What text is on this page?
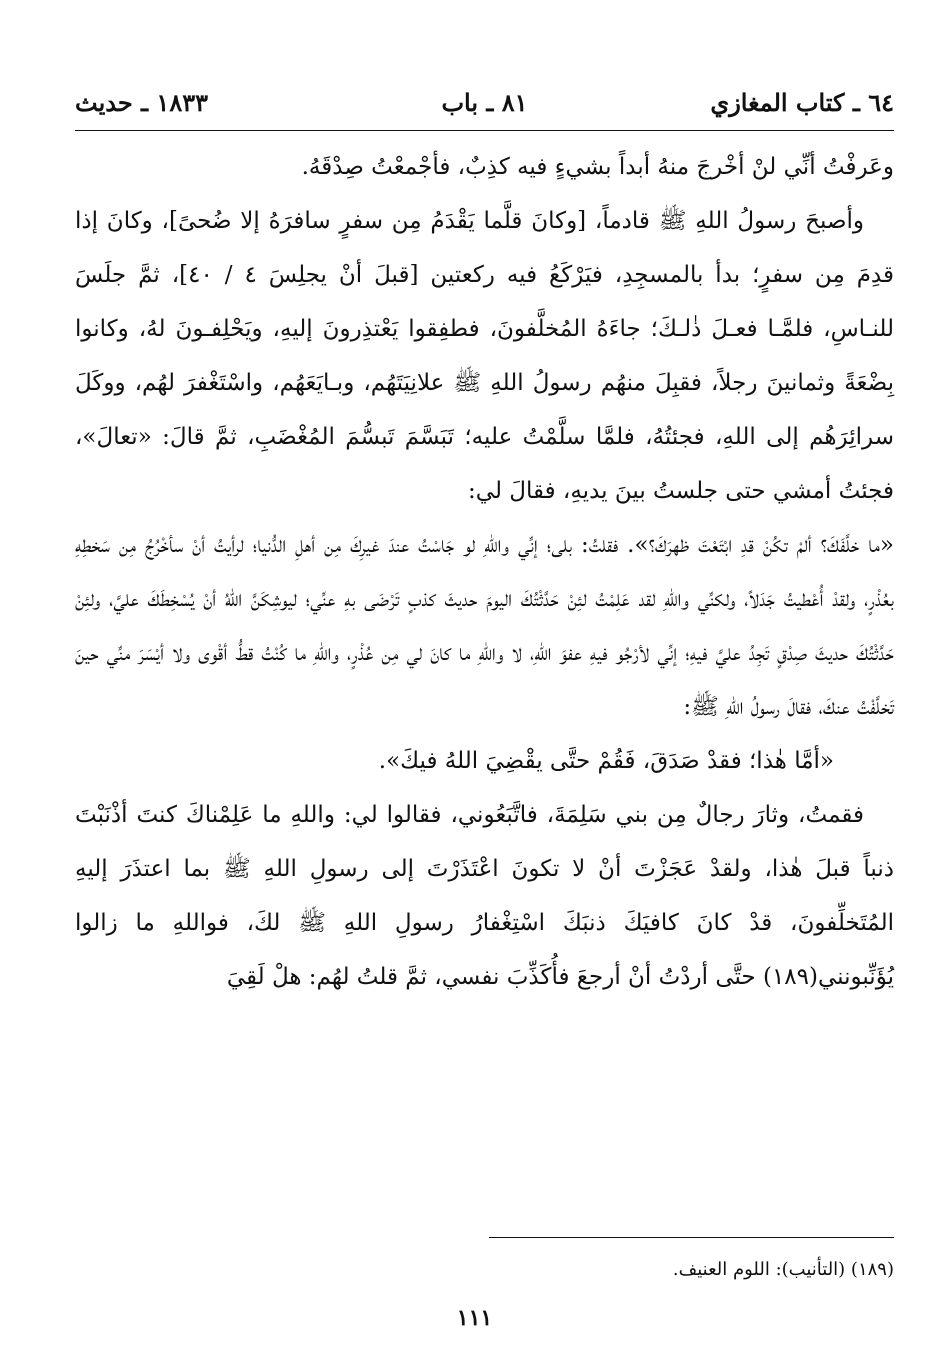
٦٤ ـ كتاب المغازي
٨١ ـ باب
١٨٣٣ ـ حديث

وعَرفْتُ أنِّي لنْ أخْرجَ منهُ أبداً بشيءٍ فيه كذِبٌ، فأجْمعْتُ صِدْقَهُ.

وأصبحَ رسولُ اللهِ ﷺ قادماً، [وكانَ قلَّما يَقْدَمُ مِن سفرٍ سافرَهُ إلا ضُحىً]، وكانَ إذا قدِمَ مِن سفرٍ؛ بدأ بالمسجِدِ، فيَرْكَعُ فيه ركعتين [قبلَ أنْ يجلِسَ ٤ / ٤٠]، ثمَّ جلَسَ للنـاسِ، فلمَّـا فعـلَ ذٰلـكَ؛ جاءَهُ المُخلَّفونَ، فطفِقوا يَعْتذِرونَ إليهِ، ويَحْلِفـونَ لهُ، وكانوا بِضْعَةً وثمانينَ رجلاً، فقبِلَ منهُم رسولُ اللهِ ﷺ علانِيَتَهُم، وبـايَعَهُم، واسْتَغْفرَ لهُم، ووكَلَ سرائِرَهُم إلى اللهِ، فجئتُهُ، فلمَّا سلَّمْتُ عليه؛ تَبَسَّمَ تَبسُّمَ المُغْضَبِ، ثمَّ قالَ: «تعالَ»، فجئتُ أمشي حتى جلستُ بينَ يديهِ، فقالَ لي:

«ما خلَّفَكَ؟ ألمْ تكُنْ قدِ ابْتَعْتَ ظهرَكَ؟». فقلتُ: بلى؛ إنِّي واللهِ لو جَاسْتُ عندَ غيرِكَ مِن أهلِ الدُّنيا؛ لرأيتُ أنْ سأخْرُجُ مِن سَخطِهِ بعُذْرٍ، ولقدْ أُعْطيتُ جَدَلاً، ولكنِّي واللهِ لقد عَلِمْتُ لئِنْ حَدَّثْتُكَ اليومَ حديثَ كذبٍ تَرْضَى بهِ عنِّي؛ ليوشِكَنَّ اللهُ أنْ يُسْخِطَكَ عليَّ، ولئِنْ حَدَّثْتُكَ حديثَ صِدْقٍ تَجِدُ عليَّ فيهِ؛ إنِّي لأرْجُو فيهِ عفوَ اللهِ، لا واللهِ ما كانَ لي مِن عُذْرٍ، واللهِ ما كُنْتُ قطُّ أقْوى ولا أيْسَرَ منِّي حينَ تَخلَّفْتُ عنكَ، فقالَ رسولُ اللهِ ﷺ:

«أمَّا هٰذا؛ فقدْ صَدَقَ، فَقُمْ حتَّى يقْضِيَ اللهُ فيكَ».

فقمتُ، وثارَ رجالٌ مِن بني سَلِمَةَ، فاتَّبَعُوني، فقالوا لي: واللهِ ما عَلِمْناكَ كنتَ أذْنَبْتَ ذنباً قبلَ هٰذا، ولقدْ عَجَزْتَ أنْ لا تكونَ اعْتَذَرْتَ إلى رسولِ اللهِ ﷺ بما اعتذَرَ إليهِ المُتَخلِّفونَ، قدْ كانَ كافيَكَ ذنبَكَ اسْتِغْفارُ رسولِ اللهِ ﷺ لكَ، فواللهِ ما زالوا يُؤَنِّبونني(١٨٩) حتَّى أردْتُ أنْ أرجعَ فأُكَذِّبَ نفسي، ثمَّ قلتُ لهُم: هلْ لَقِيَ

(١٨٩) (التأنيب): اللوم العنيف.
١١١
